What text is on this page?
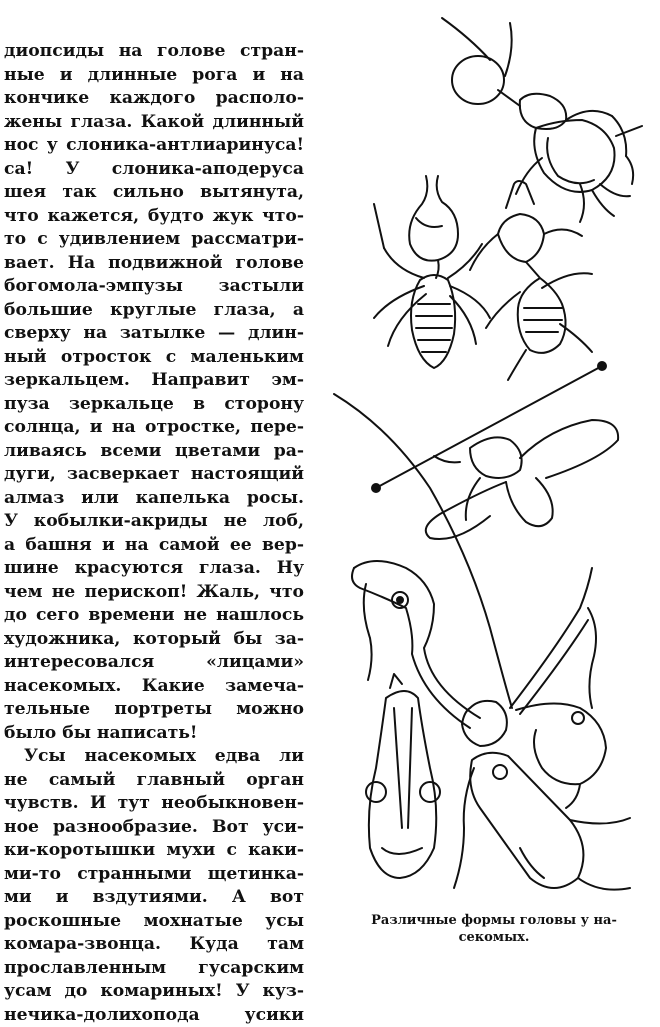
диопсиды на голове стран-
ные и длинные рога и на
кончике каждого располо-
жены глаза. Какой длинный
нос у слоника-антлиаринуса!
са! У слоника-аподеруса
шея так сильно вытянута,
что кажется, будто жук что-
то с удивлением рассматри-
вает. На подвижной голове
богомола-эмпузы застыли
большие круглые глаза, а
сверху на затылке — длин-
ный отросток с маленьким
зеркальцем. Направит эм-
пуза зеркальце в сторону
солнца, и на отростке, пере-
ливаясь всеми цветами ра-
дуги, засверкает настоящий
алмаз или капелька росы.
У кобылки-акриды не лоб,
а башня и на самой ее вер-
шине красуются глаза. Ну
чем не перископ! Жаль, что
до сего времени не нашлось
художника, который бы за-
интересовался «лицами»
насекомых. Какие замеча-
тельные портреты можно
было бы написать!
Усы насекомых едва ли
не самый главный орган
чувств. И тут необыкновен-
ное разнообразие. Вот уси-
ки-коротышки мухи с каки-
ми-то странными щетинка-
ми и вздутиями. А вот
роскошные мохнатые усы
комара-звонца. Куда там
прославленным гусарским
усам до комариных! У куз-
нечика-долихопода усики
Различные формы головы у на-
секомых.
